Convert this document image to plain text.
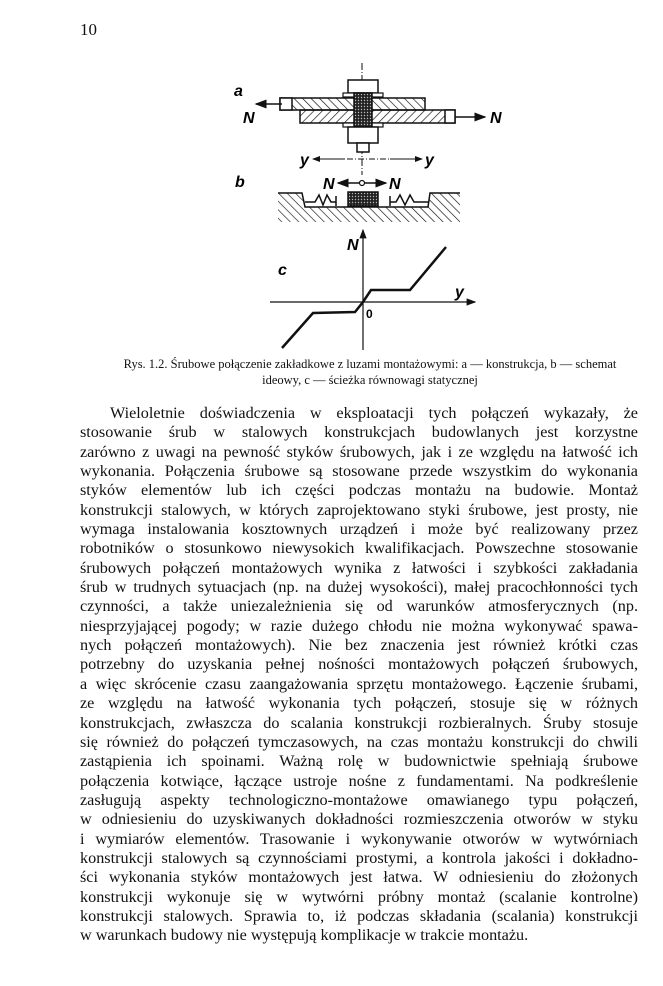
10
a
N	N
y	y
b	N	N
c
N
y
0
Rys. 1.2. Śrubowe połączenie zakładkowe z luzami montażowymi: a — konstrukcja, b — schemat
ideowy, c — ścieżka równowagi statycznej
Wieloletnie doświadczenia w eksploatacji tych połączeń wykazały, że
stosowanie śrub w stalowych konstrukcjach budowlanych jest korzystne
zarówno z uwagi na pewność styków śrubowych, jak i ze względu na łatwość ich
wykonania. Połączenia śrubowe są stosowane przede wszystkim do wykonania
styków elementów lub ich części podczas montażu na budowie. Montaż
konstrukcji stalowych, w których zaprojektowano styki śrubowe, jest prosty, nie
wymaga instalowania kosztownych urządzeń i może być realizowany przez
robotników o stosunkowo niewysokich kwalifikacjach. Powszechne stosowanie
śrubowych połączeń montażowych wynika z łatwości i szybkości zakładania
śrub w trudnych sytuacjach (np. na dużej wysokości), małej pracochłonności tych
czynności, a także uniezależnienia się od warunków atmosferycznych (np.
niesprzyjającej pogody; w razie dużego chłodu nie można wykonywać spawa-
nych połączeń montażowych). Nie bez znaczenia jest również krótki czas
potrzebny do uzyskania pełnej nośności montażowych połączeń śrubowych,
a więc skrócenie czasu zaangażowania sprzętu montażowego. Łączenie śrubami,
ze względu na łatwość wykonania tych połączeń, stosuje się w różnych
konstrukcjach, zwłaszcza do scalania konstrukcji rozbieralnych. Śruby stosuje
się również do połączeń tymczasowych, na czas montażu konstrukcji do chwili
zastąpienia ich spoinami. Ważną rolę w budownictwie spełniają śrubowe
połączenia kotwiące, łączące ustroje nośne z fundamentami. Na podkreślenie
zasługują aspekty technologiczno-montażowe omawianego typu połączeń,
w odniesieniu do uzyskiwanych dokładności rozmieszczenia otworów w styku
i wymiarów elementów. Trasowanie i wykonywanie otworów w wytwórniach
konstrukcji stalowych są czynnościami prostymi, a kontrola jakości i dokładno-
ści wykonania styków montażowych jest łatwa. W odniesieniu do złożonych
konstrukcji wykonuje się w wytwórni próbny montaż (scalanie kontrolne)
konstrukcji stalowych. Sprawia to, iż podczas składania (scalania) konstrukcji
w warunkach budowy nie występują komplikacje w trakcie montażu.
